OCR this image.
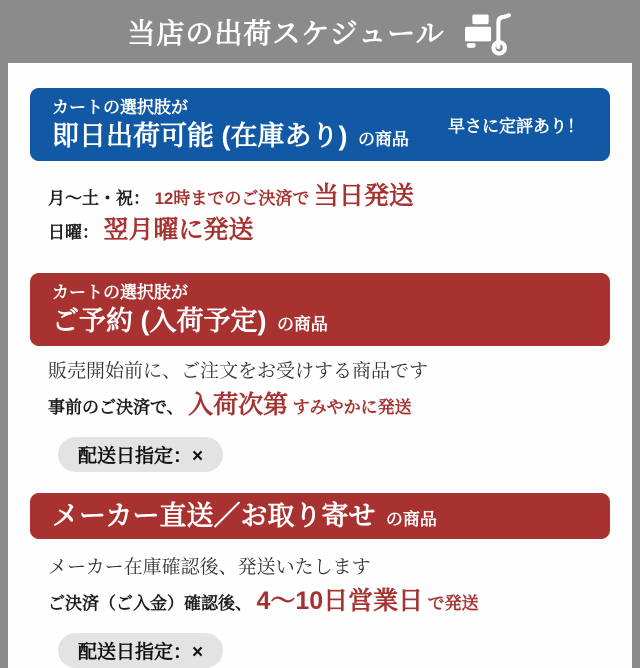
当店の出荷スケジュール
カートの選択肢が
即日出荷可能 (在庫あり) の商品
早さに定評あり！
月～土・祝： 12時までのご決済で 当日発送
日曜： 翌月曜に発送
カートの選択肢が
ご予約 (入荷予定) の商品
販売開始前に、ご注文をお受けする商品です
事前のご決済で、 入荷次第 すみやかに発送
配送日指定：×
メーカー直送／お取り寄せ の商品
メーカー在庫確認後、発送いたします
ご決済（ご入金）確認後、 4～10日営業日 で発送
配送日指定：×
